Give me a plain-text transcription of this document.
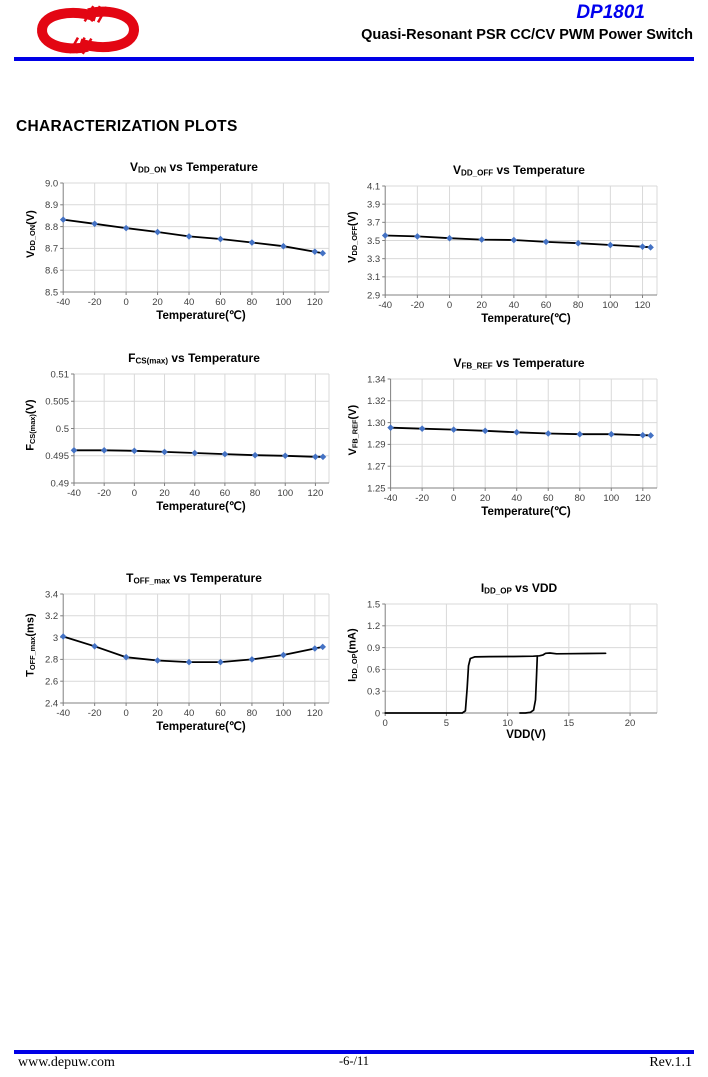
DP1801
Quasi-Resonant PSR CC/CV PWM Power Switch
CHARACTERIZATION PLOTS
VDD_ON vs Temperature
VDD_ON(V)
9.0
8.9
8.8
8.7
8.6
8.5
-40 -20 0 20 40 60 80 100 120
Temperature(℃)
VDD_OFF vs Temperature
VDD_OFF(V)
4.1
3.9
3.7
3.5
3.3
3.1
2.9
-40 -20 0	20 40 60 80 100 120
Temperature(℃)
FCS(max) vs Temperature
FCS(max)(V)
0.51
0.505
0.5
0.495
0.49
-40 -20 0 20 40 60 80 100 120
Temperature(℃)
VFB_REF vs Temperature
VFB_REF(V)
1.34
1.32
1.30
1.29
1.27
1.25
-40 -20 0 20 40 60 80 100 120
Temperature(℃)
TOFF_max vs Temperature
TOFF_max(ms)
3.4
3.2
3
2.8
2.6
2.4
-40 -20 0 20 40 60 80 100 120
Temperature(℃)
IDD_OP vs VDD
IDD_OP(mA)
1.5
1.2
0.9
0.6
0.3
0
0	5	10	15	20
VDD(V)
www.depuw.com	-6-/11	Rev.1.1
